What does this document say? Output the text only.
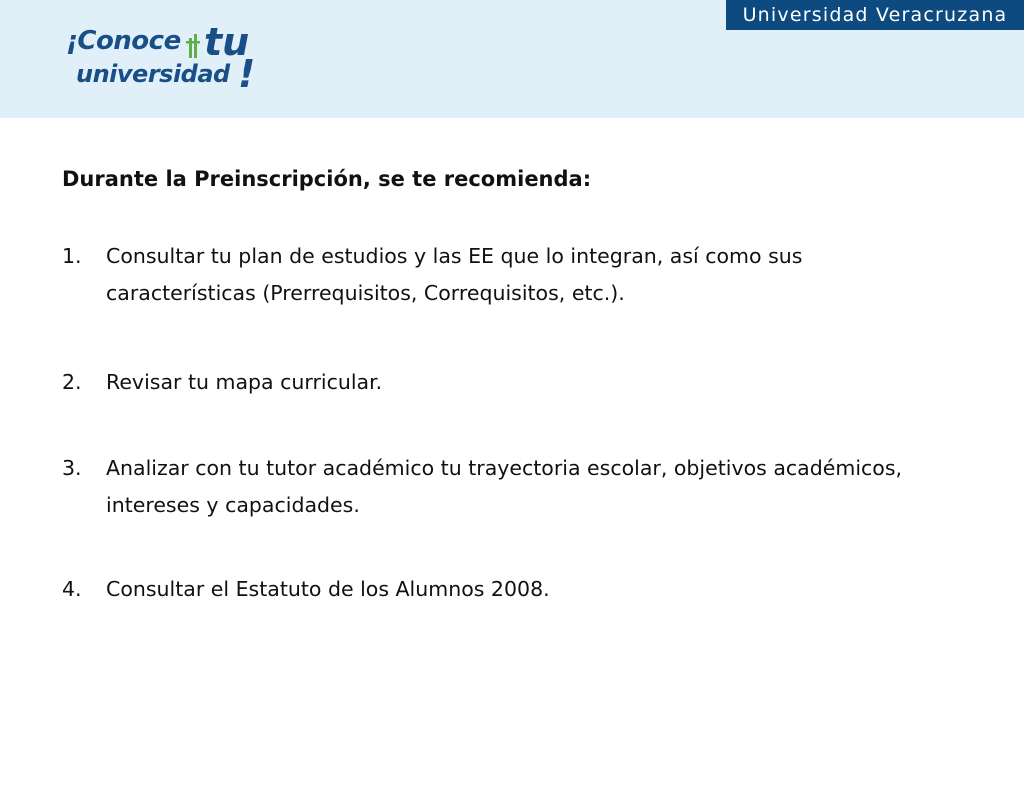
Universidad Veracruzana
¡Conoce tu
universidad !
Durante la Preinscripción, se te recomienda:
1.	Consultar tu plan de estudios y las EE que lo integran, así como sus características (Prerrequisitos, Correquisitos, etc.).
2.	Revisar tu mapa curricular.
3.	Analizar con tu tutor académico tu trayectoria escolar, objetivos académicos, intereses y capacidades.
4.	Consultar el Estatuto de los Alumnos 2008.
